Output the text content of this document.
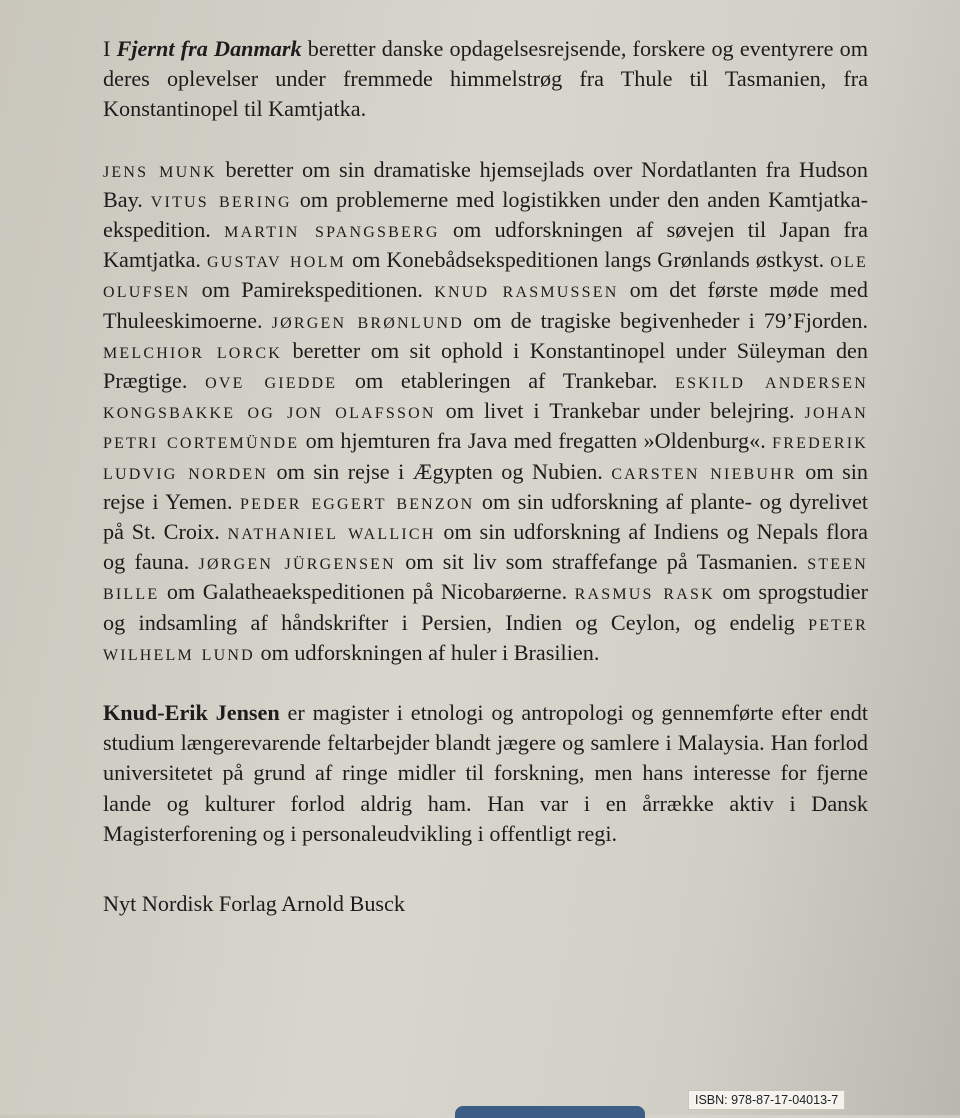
I Fjernt fra Danmark beretter danske opdagelsesrejsende, forskere og eventyrere om deres oplevelser under fremmede himmelstrøg fra Thule til Tasmanien, fra Konstantinopel til Kamtjatka.

jens munk beretter om sin dramatiske hjemsejlads over Nordatlanten fra Hudson Bay. vitus bering om problemerne med logistikken under den anden Kamtjatka-ekspedition. martin spangsberg om udforskningen af søvejen til Japan fra Kamtjatka. gustav holm om Konebådsekspeditionen langs Grønlands østkyst. ole olufsen om Pamirekspeditionen. knud rasmussen om det første møde med Thuleeskimoerne. jørgen brønlund om de tragiske begivenheder i 79’Fjorden. melchior lorck beretter om sit ophold i Konstantinopel under Süleyman den Prægtige. ove giedde om etableringen af Trankebar. eskild andersen kongsbakke og jon olafsson om livet i Trankebar under belejring. johan petri cortemünde om hjemturen fra Java med fregatten »Oldenburg«. frederik ludvig norden om sin rejse i Ægypten og Nubien. carsten niebuhr om sin rejse i Yemen. peder eggert benzon om sin udforskning af plante- og dyrelivet på St. Croix. nathaniel wallich om sin udforskning af Indiens og Nepals flora og fauna. jørgen jürgensen om sit liv som straffefange på Tasmanien. steen bille om Galatheaekspeditionen på Nicobarøerne. rasmus rask om sprogstudier og indsamling af håndskrifter i Persien, Indien og Ceylon, og endelig peter wilhelm lund om udforskningen af huler i Brasilien.

Knud-Erik Jensen er magister i etnologi og antropologi og gennemførte efter endt studium længerevarende feltarbejder blandt jægere og samlere i Malaysia. Han forlod universitetet på grund af ringe midler til forskning, men hans interesse for fjerne lande og kulturer forlod aldrig ham. Han var i en årrække aktiv i Dansk Magisterforening og i personaleudvikling i offentligt regi.

Nyt Nordisk Forlag Arnold Busck

ISBN: 978-87-17-04013-7
